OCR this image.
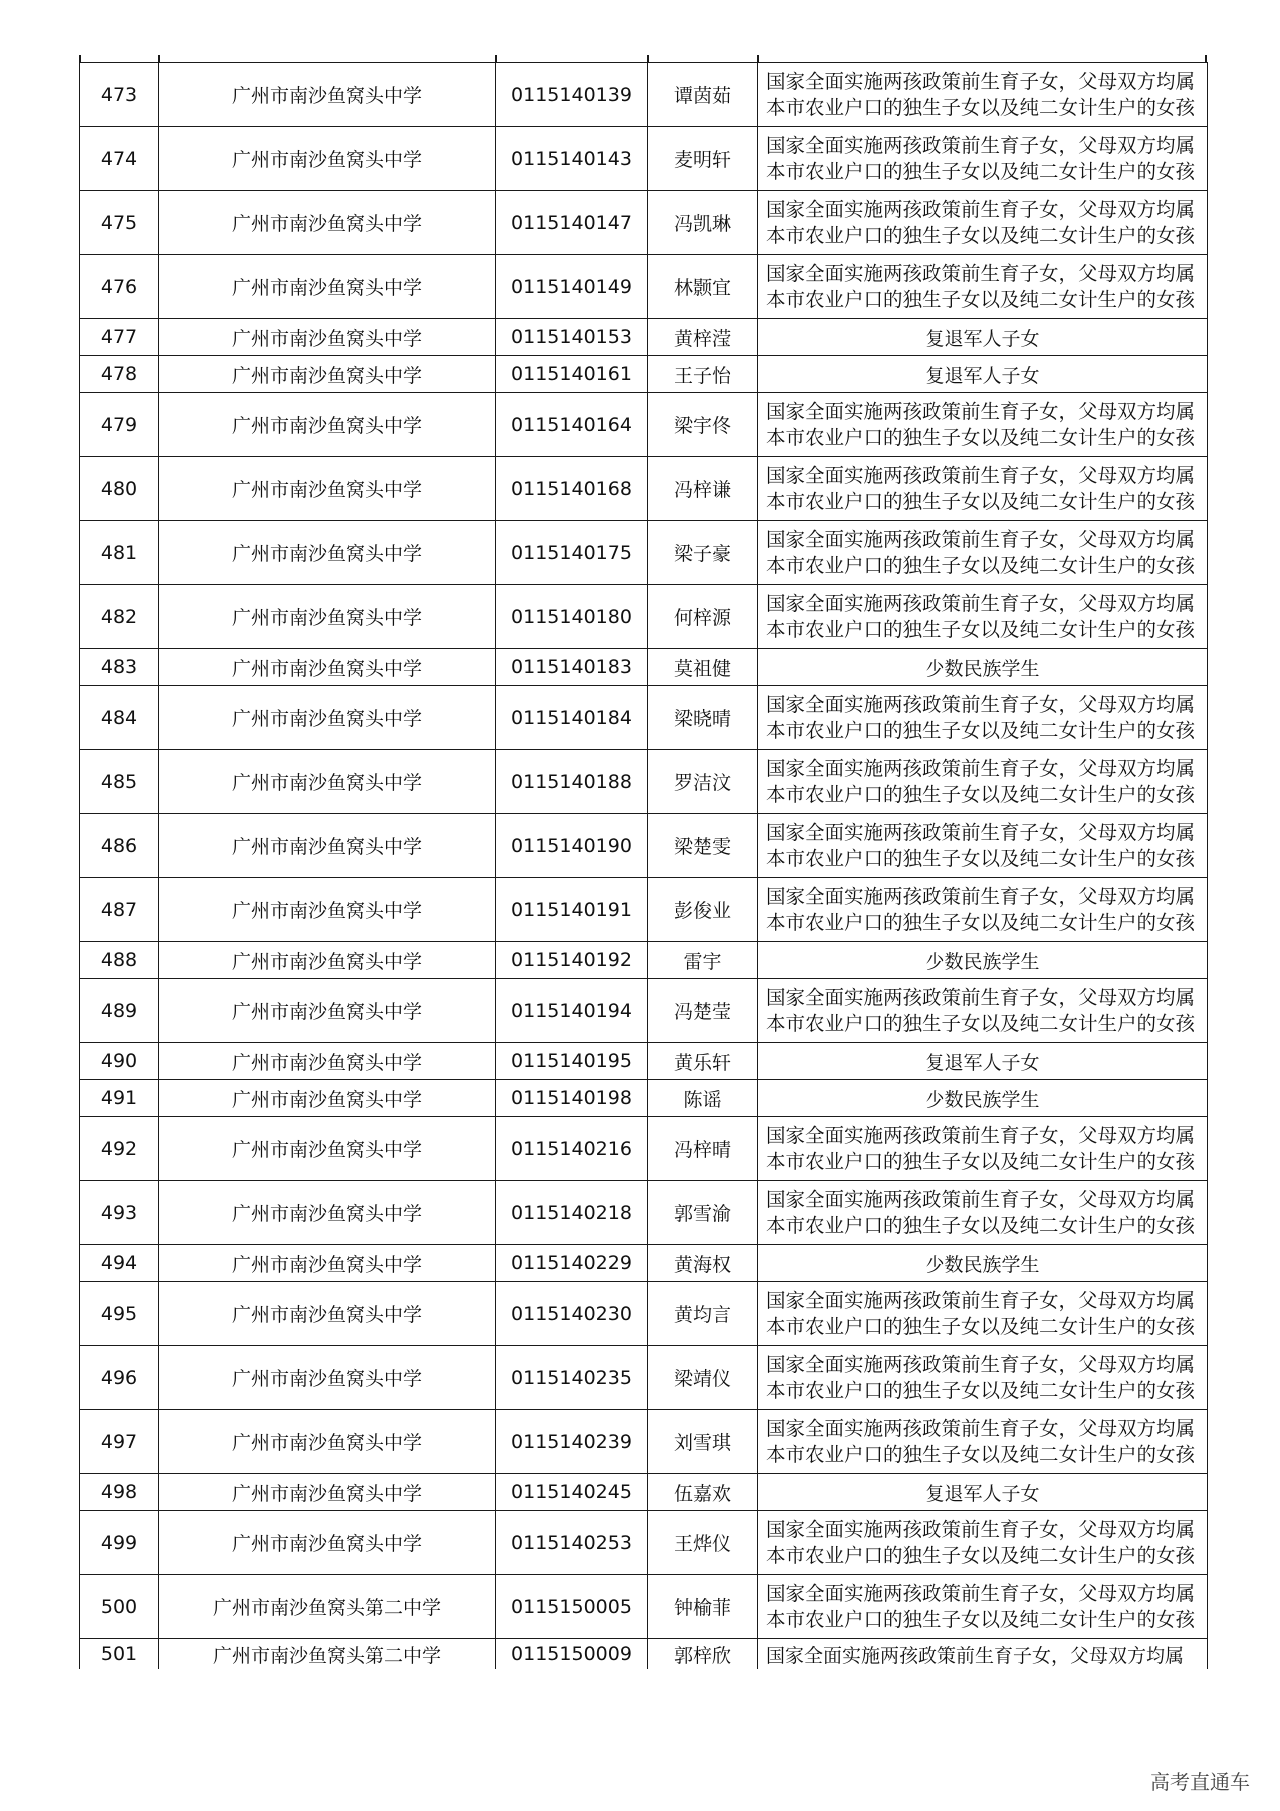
473	广州市南沙鱼窝头中学	0115140139	谭茵茹	国家全面实施两孩政策前生育子女，父母双方均属本市农业户口的独生子女以及纯二女计生户的女孩
474	广州市南沙鱼窝头中学	0115140143	麦明轩	国家全面实施两孩政策前生育子女，父母双方均属本市农业户口的独生子女以及纯二女计生户的女孩
475	广州市南沙鱼窝头中学	0115140147	冯凯琳	国家全面实施两孩政策前生育子女，父母双方均属本市农业户口的独生子女以及纯二女计生户的女孩
476	广州市南沙鱼窝头中学	0115140149	林颢宜	国家全面实施两孩政策前生育子女，父母双方均属本市农业户口的独生子女以及纯二女计生户的女孩
477	广州市南沙鱼窝头中学	0115140153	黄梓滢	复退军人子女
478	广州市南沙鱼窝头中学	0115140161	王子怡	复退军人子女
479	广州市南沙鱼窝头中学	0115140164	梁宇佟	国家全面实施两孩政策前生育子女，父母双方均属本市农业户口的独生子女以及纯二女计生户的女孩
480	广州市南沙鱼窝头中学	0115140168	冯梓谦	国家全面实施两孩政策前生育子女，父母双方均属本市农业户口的独生子女以及纯二女计生户的女孩
481	广州市南沙鱼窝头中学	0115140175	梁子豪	国家全面实施两孩政策前生育子女，父母双方均属本市农业户口的独生子女以及纯二女计生户的女孩
482	广州市南沙鱼窝头中学	0115140180	何梓源	国家全面实施两孩政策前生育子女，父母双方均属本市农业户口的独生子女以及纯二女计生户的女孩
483	广州市南沙鱼窝头中学	0115140183	莫祖健	少数民族学生
484	广州市南沙鱼窝头中学	0115140184	梁晓晴	国家全面实施两孩政策前生育子女，父母双方均属本市农业户口的独生子女以及纯二女计生户的女孩
485	广州市南沙鱼窝头中学	0115140188	罗洁汶	国家全面实施两孩政策前生育子女，父母双方均属本市农业户口的独生子女以及纯二女计生户的女孩
486	广州市南沙鱼窝头中学	0115140190	梁楚雯	国家全面实施两孩政策前生育子女，父母双方均属本市农业户口的独生子女以及纯二女计生户的女孩
487	广州市南沙鱼窝头中学	0115140191	彭俊业	国家全面实施两孩政策前生育子女，父母双方均属本市农业户口的独生子女以及纯二女计生户的女孩
488	广州市南沙鱼窝头中学	0115140192	雷宇	少数民族学生
489	广州市南沙鱼窝头中学	0115140194	冯楚莹	国家全面实施两孩政策前生育子女，父母双方均属本市农业户口的独生子女以及纯二女计生户的女孩
490	广州市南沙鱼窝头中学	0115140195	黄乐轩	复退军人子女
491	广州市南沙鱼窝头中学	0115140198	陈谣	少数民族学生
492	广州市南沙鱼窝头中学	0115140216	冯梓晴	国家全面实施两孩政策前生育子女，父母双方均属本市农业户口的独生子女以及纯二女计生户的女孩
493	广州市南沙鱼窝头中学	0115140218	郭雪渝	国家全面实施两孩政策前生育子女，父母双方均属本市农业户口的独生子女以及纯二女计生户的女孩
494	广州市南沙鱼窝头中学	0115140229	黄海权	少数民族学生
495	广州市南沙鱼窝头中学	0115140230	黄均言	国家全面实施两孩政策前生育子女，父母双方均属本市农业户口的独生子女以及纯二女计生户的女孩
496	广州市南沙鱼窝头中学	0115140235	梁靖仪	国家全面实施两孩政策前生育子女，父母双方均属本市农业户口的独生子女以及纯二女计生户的女孩
497	广州市南沙鱼窝头中学	0115140239	刘雪琪	国家全面实施两孩政策前生育子女，父母双方均属本市农业户口的独生子女以及纯二女计生户的女孩
498	广州市南沙鱼窝头中学	0115140245	伍嘉欢	复退军人子女
499	广州市南沙鱼窝头中学	0115140253	王烨仪	国家全面实施两孩政策前生育子女，父母双方均属本市农业户口的独生子女以及纯二女计生户的女孩
500	广州市南沙鱼窝头第二中学	0115150005	钟榆菲	国家全面实施两孩政策前生育子女，父母双方均属本市农业户口的独生子女以及纯二女计生户的女孩
501	广州市南沙鱼窝头第二中学	0115150009	郭梓欣	国家全面实施两孩政策前生育子女，父母双方均属
高考直通车
